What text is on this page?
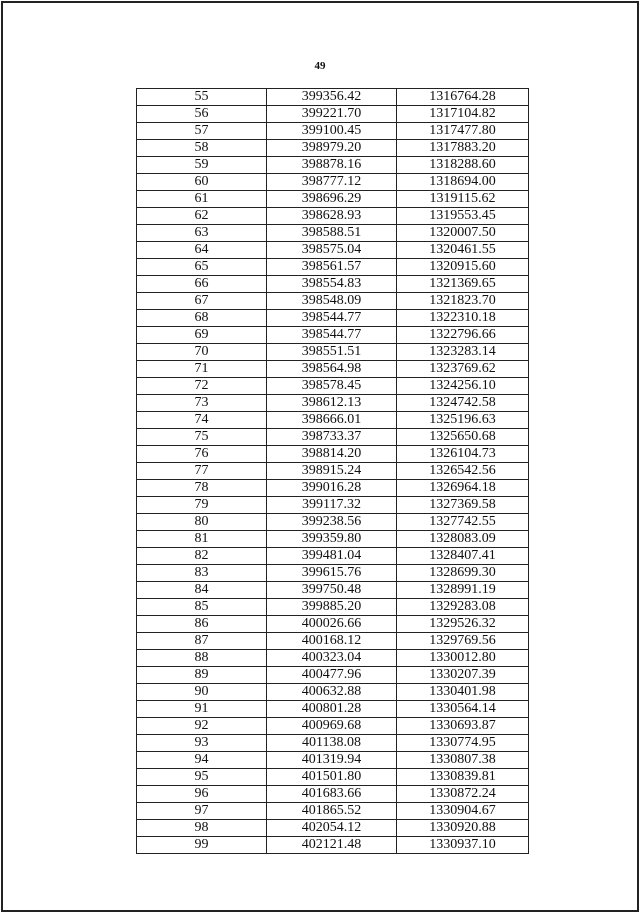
49
55	399356.42	1316764.28
56	399221.70	1317104.82
57	399100.45	1317477.80
58	398979.20	1317883.20
59	398878.16	1318288.60
60	398777.12	1318694.00
61	398696.29	1319115.62
62	398628.93	1319553.45
63	398588.51	1320007.50
64	398575.04	1320461.55
65	398561.57	1320915.60
66	398554.83	1321369.65
67	398548.09	1321823.70
68	398544.77	1322310.18
69	398544.77	1322796.66
70	398551.51	1323283.14
71	398564.98	1323769.62
72	398578.45	1324256.10
73	398612.13	1324742.58
74	398666.01	1325196.63
75	398733.37	1325650.68
76	398814.20	1326104.73
77	398915.24	1326542.56
78	399016.28	1326964.18
79	399117.32	1327369.58
80	399238.56	1327742.55
81	399359.80	1328083.09
82	399481.04	1328407.41
83	399615.76	1328699.30
84	399750.48	1328991.19
85	399885.20	1329283.08
86	400026.66	1329526.32
87	400168.12	1329769.56
88	400323.04	1330012.80
89	400477.96	1330207.39
90	400632.88	1330401.98
91	400801.28	1330564.14
92	400969.68	1330693.87
93	401138.08	1330774.95
94	401319.94	1330807.38
95	401501.80	1330839.81
96	401683.66	1330872.24
97	401865.52	1330904.67
98	402054.12	1330920.88
99	402121.48	1330937.10
